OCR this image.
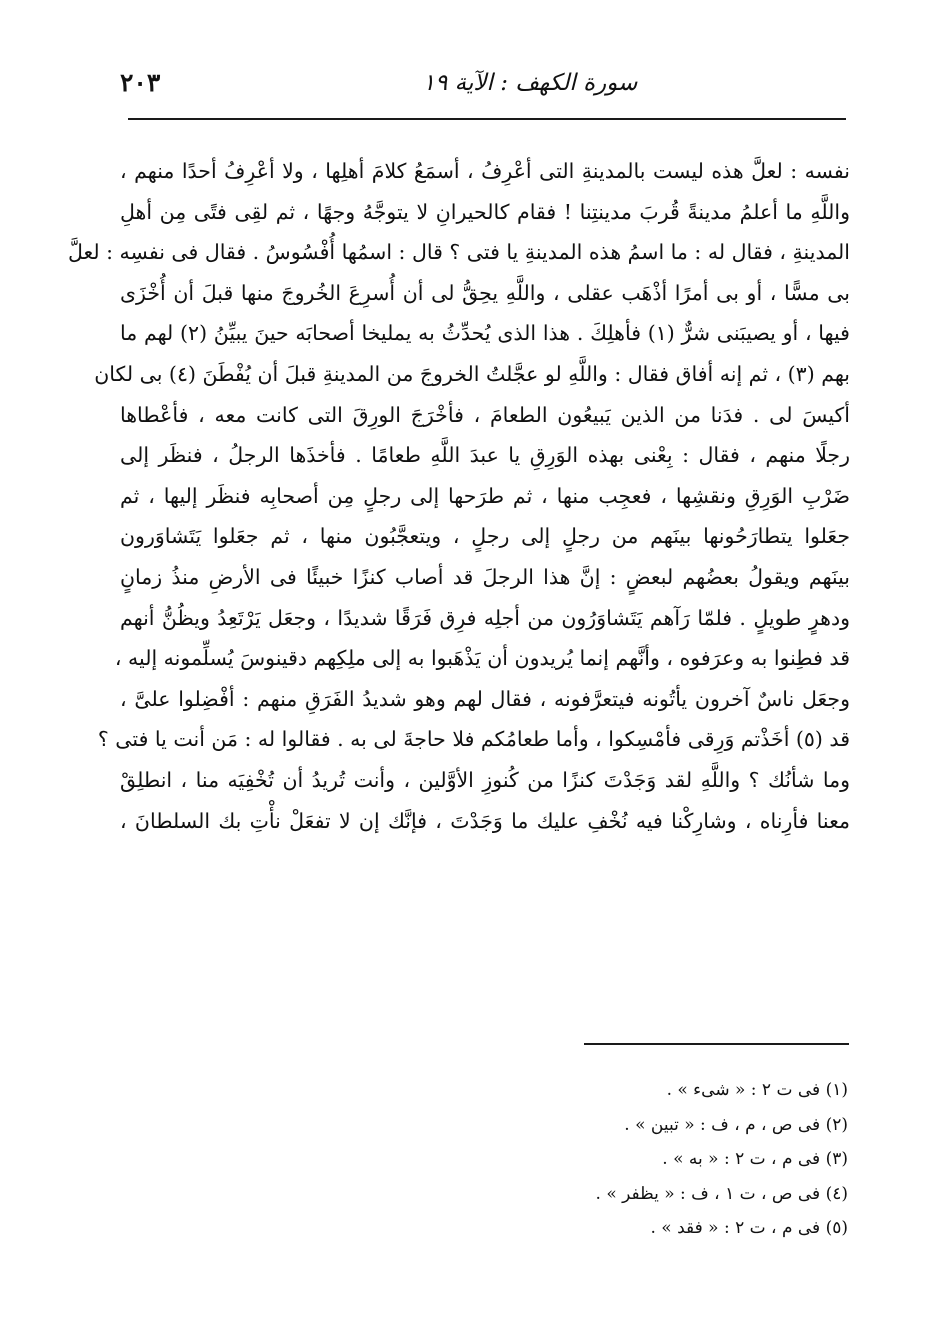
سورة الكهف : الآية ١٩
٢٠٣
نفسه : لعلَّ هذه ليست بالمدينةِ التى أعْرِفُ ، أسمَعُ كلامَ أهلِها ، ولا أعْرِفُ أحدًا منهم ،
واللَّهِ ما أعلمُ مدينةً قُربَ مدينتِنا ! فقام كالحيرانِ لا يتوجَّهُ وجهًا ، ثم لقِى فتًى مِن أهلِ
المدينةِ ، فقال له : ما اسمُ هذه المدينةِ يا فتى ؟ قال : اسمُها أُفْسُوسُ . فقال فى نفسِه : لعلَّ
بى مسًّا ، أو بى أمرًا أذْهَب عقلى ، واللَّهِ يحِقُّ لى أن أُسرِعَ الخُروجَ منها قبلَ أن أُخْزَى
فيها ، أو يصيبَنى شرٌّ (١) فأهلِكَ . هذا الذى يُحدِّثُ به يمليخا أصحابَه حينَ يبيِّنُ (٢) لهم ما
بهم (٣) ، ثم إنه أفاق فقال : واللَّهِ لو عجَّلتُ الخروجَ من المدينةِ قبلَ أن يُفْطَنَ (٤) بى لكان
أكيسَ لى . فدَنا من الذين يَبيعُون الطعامَ ، فأخْرَجَ الورِقَ التى كانت معه ، فأعْطاها
رجلًا منهم ، فقال : بِعْنى بهذه الوَرِقِ يا عبدَ اللَّهِ طعامًا . فأخذَها الرجلُ ، فنظَر إلى
ضَرْبِ الوَرِقِ ونقشِها ، فعجِب منها ، ثم طرَحها إلى رجلٍ مِن أصحابِه فنظَر إليها ، ثم
جعَلوا يتطارَحُونها بينَهم من رجلٍ إلى رجلٍ ، ويتعجَّبُون منها ، ثم جعَلوا يَتَشاوَرون
بينَهم ويقولُ بعضُهم لبعضٍ : إنَّ هذا الرجلَ قد أصاب كنزًا خبيئًا فى الأرضِ منذُ زمانٍ
ودهرٍ طويلٍ . فلمّا رَآهم يَتَشاوَرُون من أجلِه فرِق فَرَقًا شديدًا ، وجعَل يَرْتَعِدُ ويظُنُّ أنهم
قد فطِنوا به وعرَفوه ، وأنَّهم إنما يُريدون أن يَذْهَبوا به إلى ملِكِهم دقينوسَ يُسلِّمونه إليه ،
وجعَل ناسٌ آخرون يأتُونه فيتعرَّفونه ، فقال لهم وهو شديدُ الفَرَقِ منهم : أفْضِلوا علىَّ ،
قد (٥) أخَذْتم وَرِقى فأمْسِكوا ، وأما طعامُكم فلا حاجةَ لى به . فقالوا له : مَن أنت يا فتى ؟
وما شأنُك ؟ واللَّهِ لقد وَجَدْتَ كنزًا من كُنوزِ الأوَّلين ، وأنت تُريدُ أن تُخْفِيَه منا ، انطلِقْ
معنا فأرِناه ، وشارِكْنا فيه نُخْفِ عليك ما وَجَدْتَ ، فإنَّك إن لا تفعَلْ نأْتِ بك السلطانَ ،
(١) فى ت ٢ : « شىء » .
(٢) فى ص ، م ، ف : « تبين » .
(٣) فى م ، ت ٢ : « به » .
(٤) فى ص ، ت ١ ، ف : « يظفر » .
(٥) فى م ، ت ٢ : « فقد » .
